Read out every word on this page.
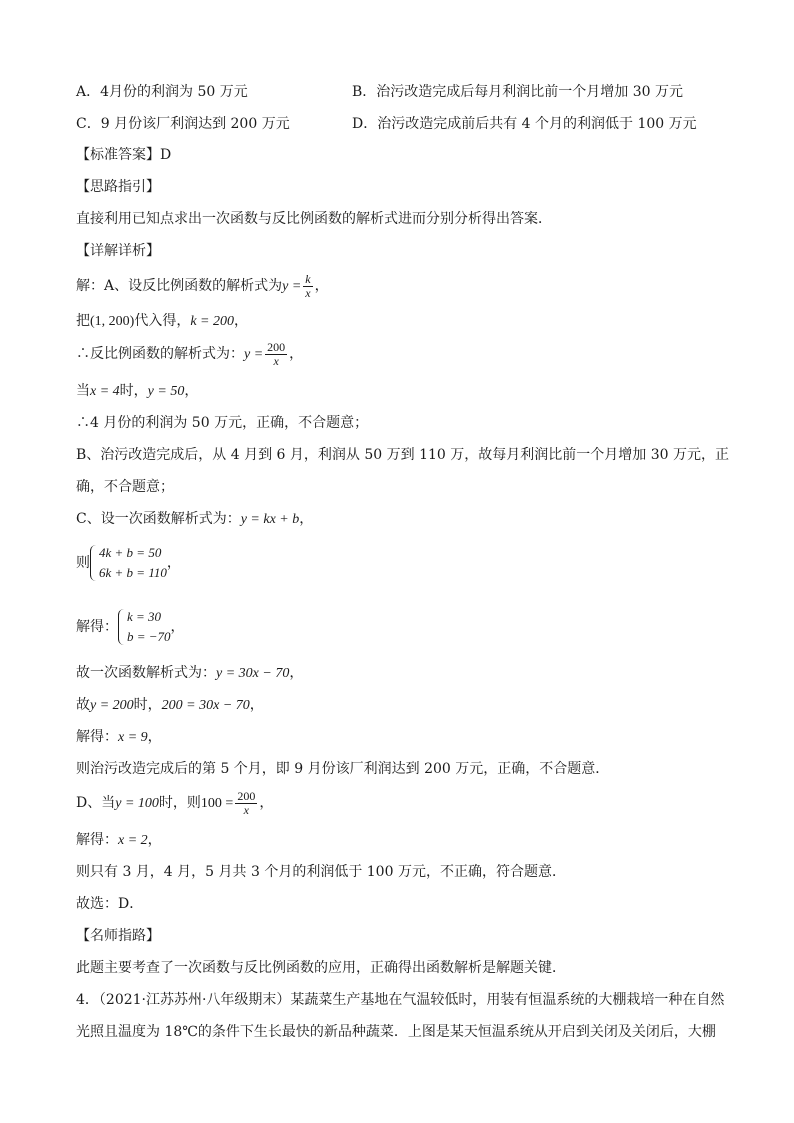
A．4月份的利润为 50 万元	B．治污改造完成后每月利润比前一个月增加 30 万元
C．9 月份该厂利润达到 200 万元	D．治污改造完成前后共有 4 个月的利润低于 100 万元
【标准答案】D
【思路指引】
直接利用已知点求出一次函数与反比例函数的解析式进而分别分析得出答案．
【详解详析】
解：A、设反比例函数的解析式为$y = \frac{k}{x}$ ，
把(1, 200)代入得，k = 200，
∴反比例函数的解析式为：$y = \frac{200}{x}$ ，
当x = 4时，y = 50，
∴4 月份的利润为 50 万元，正确，不合题意；
B、治污改造完成后，从 4 月到 6 月，利润从 50 万到 110 万，故每月利润比前一个月增加 30 万元，正
确，不合题意；
C、设一次函数解析式为：y = kx + b，
则
4k + b = 50
6k + b = 110
，
解得：
k = 30
b = −70
，
故一次函数解析式为：y = 30x − 70，
故y = 200时，200 = 30x − 70，
解得：x = 9，
则治污改造完成后的第 5 个月，即 9 月份该厂利润达到 200 万元，正确，不合题意．
D、当y = 100时，则$100 = \frac{200}{x}$ ，
解得：x = 2，
则只有 3 月，4 月，5 月共 3 个月的利润低于 100 万元，不正确，符合题意．
故选：D．
【名师指路】
此题主要考查了一次函数与反比例函数的应用，正确得出函数解析是解题关键．
4．（2021·江苏苏州·八年级期末）某蔬菜生产基地在气温较低时，用装有恒温系统的大棚栽培一种在自然
光照且温度为 18℃的条件下生长最快的新品种蔬菜．上图是某天恒温系统从开启到关闭及关闭后，大棚
